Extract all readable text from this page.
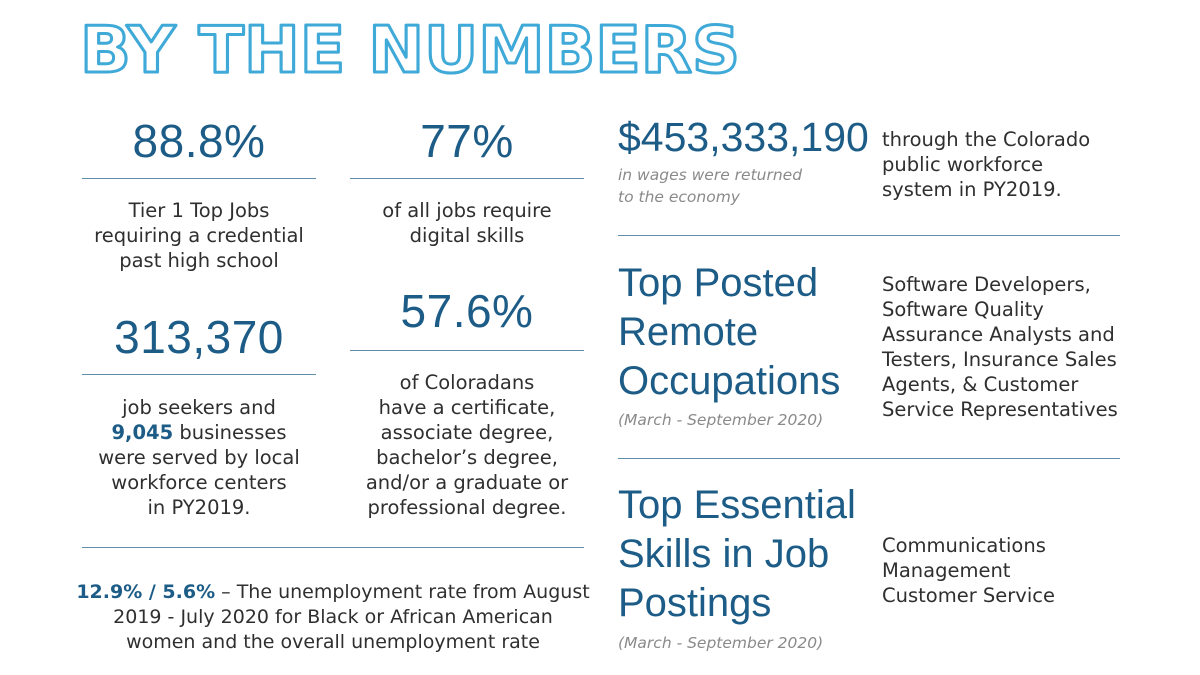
BY THE NUMBERS
88.8%
Tier 1 Top Jobs
requiring a credential
past high school
77%
of all jobs require
digital skills
313,370
job seekers and
9,045 businesses
were served by local
workforce centers
in PY2019.
57.6%
of Coloradans
have a certificate,
associate degree,
bachelor’s degree,
and/or a graduate or
professional degree.
12.9% / 5.6% – The unemployment rate from August
2019 - July 2020 for Black or African American
women and the overall unemployment rate
$453,333,190
in wages were returned
to the economy
through the Colorado
public workforce
system in PY2019.
Top Posted
Remote
Occupations
(March - September 2020)
Software Developers,
Software Quality
Assurance Analysts and
Testers, Insurance Sales
Agents, & Customer
Service Representatives
Top Essential
Skills in Job
Postings
(March - September 2020)
Communications
Management
Customer Service
